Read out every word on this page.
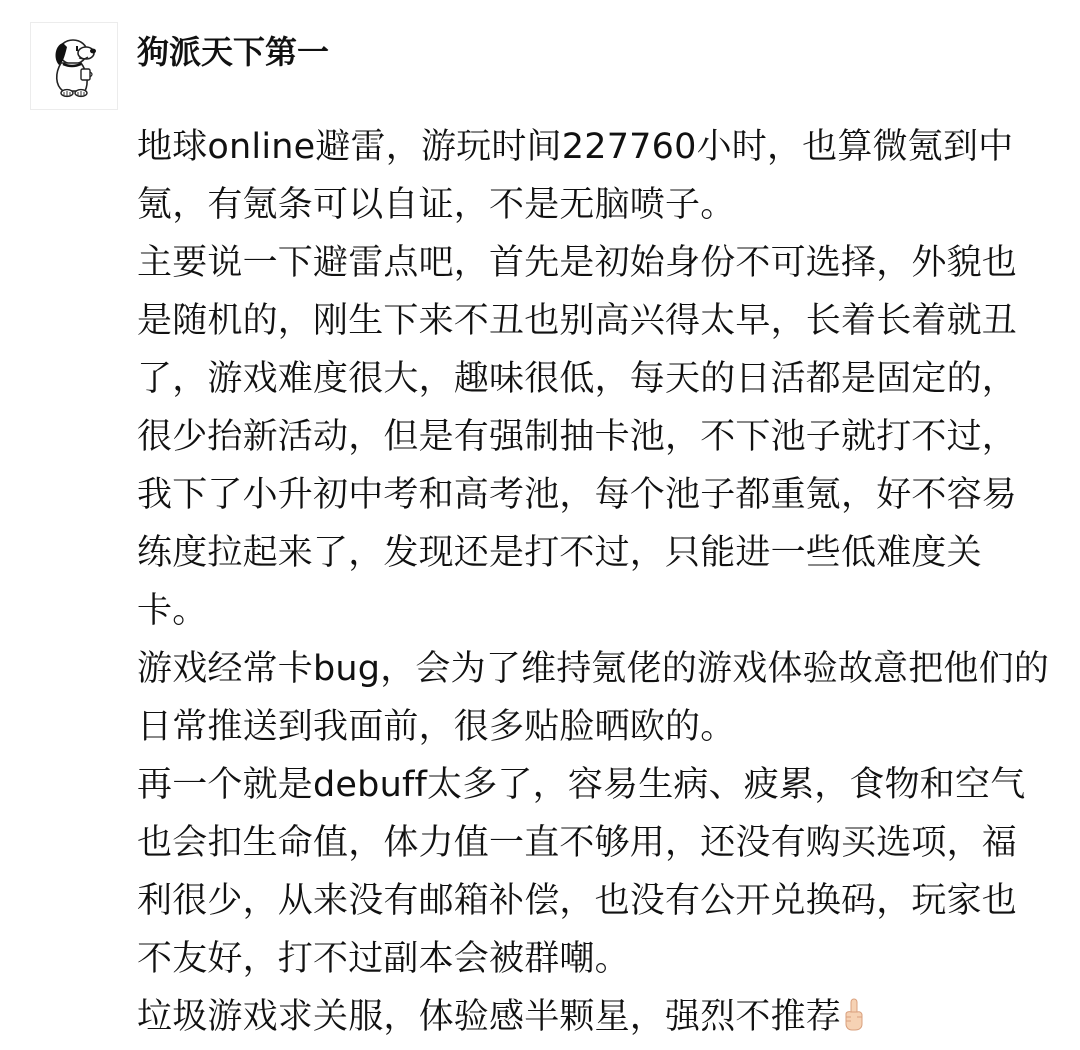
狗派天下第一

地球online避雷，游玩时间227760小时，也算微氪到中

氪，有氪条可以自证，不是无脑喷子。

主要说一下避雷点吧，首先是初始身份不可选择，外貌也

是随机的，刚生下来不丑也别高兴得太早，长着长着就丑

了，游戏难度很大，趣味很低，每天的日活都是固定的，

很少抬新活动，但是有强制抽卡池，不下池子就打不过，

我下了小升初中考和高考池，每个池子都重氪，好不容易

练度拉起来了，发现还是打不过，只能进一些低难度关

卡。

游戏经常卡bug，会为了维持氪佬的游戏体验故意把他们的

日常推送到我面前，很多贴脸晒欧的。

再一个就是debuff太多了，容易生病、疲累，食物和空气

也会扣生命值，体力值一直不够用，还没有购买选项，福

利很少，从来没有邮箱补偿，也没有公开兑换码，玩家也

不友好，打不过副本会被群嘲。

垃圾游戏求关服，体验感半颗星，强烈不推荐
